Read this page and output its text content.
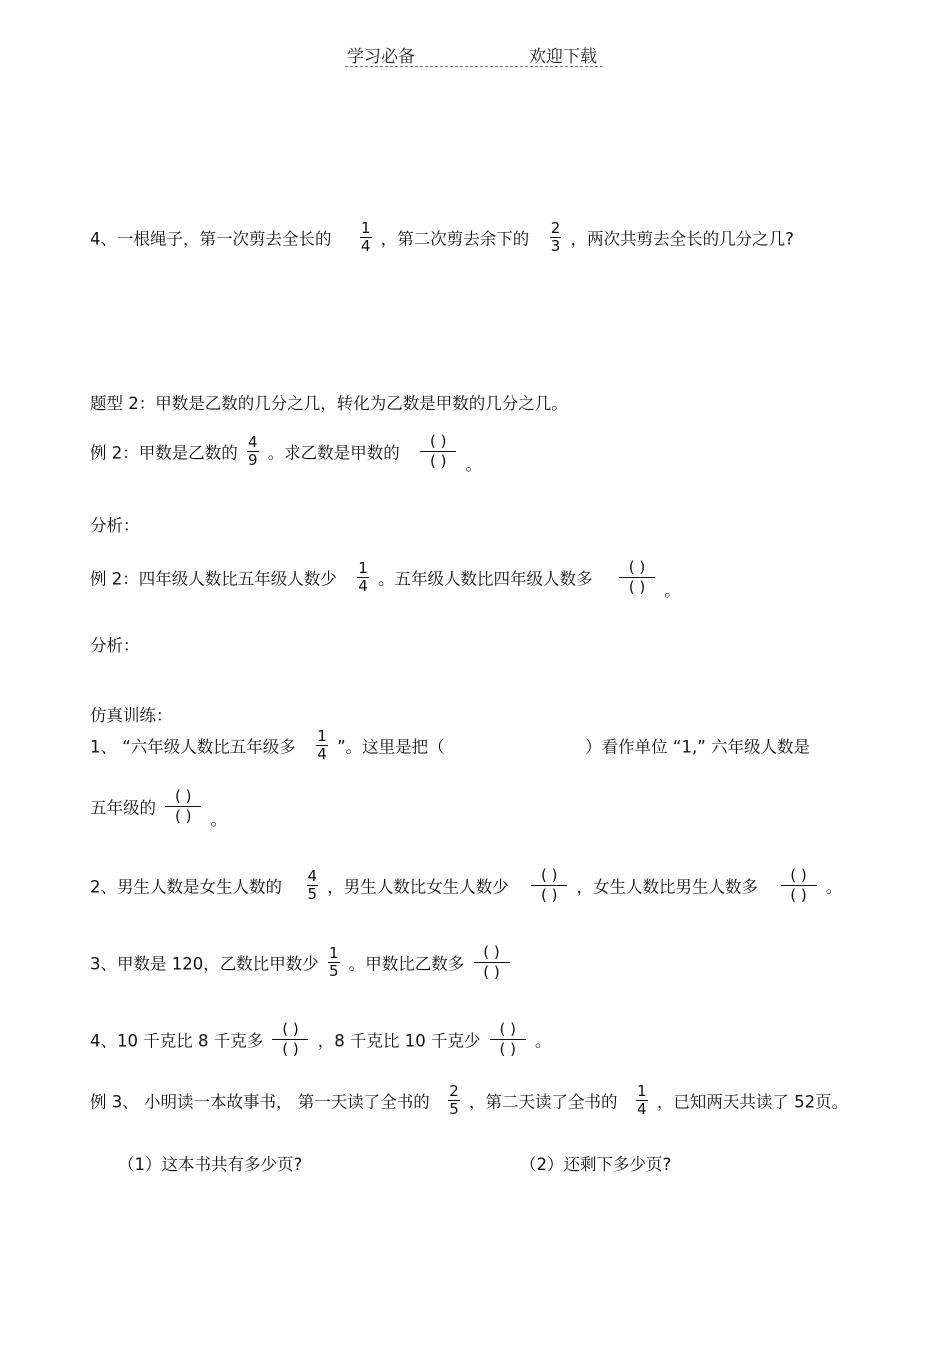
学习必备	欢迎下载
4、一根绳子，第一次剪去全长的 $\frac{1}{4}$ ，第二次剪去余下的 $\frac{2}{3}$ ，两次共剪去全长的几分之几?
题型 2：甲数是乙数的几分之几，转化为乙数是甲数的几分之几。
例 2：甲数是乙数的 $\frac{4}{9}$ 。求乙数是甲数的 $\frac{( )}{( )}$ 。
分析：
例 2：四年级人数比五年级人数少 $\frac{1}{4}$ 。五年级人数比四年级人数多 $\frac{( )}{( )}$ 。
分析：
仿真训练：
1、 “六年级人数比五年级多 $\frac{1}{4}$ ”。这里是把（	）看作单位 “1,” 六年级人数是
五年级的 $\frac{( )}{( )}$ 。
2、男生人数是女生人数的 $\frac{4}{5}$ ，男生人数比女生人数少 $\frac{( )}{( )}$ ，女生人数比男生人数多 $\frac{( )}{( )}$ 。
3、甲数是 120，乙数比甲数少 $\frac{1}{5}$ 。甲数比乙数多 $\frac{( )}{( )}$
4、10 千克比 8 千克多 $\frac{( )}{( )}$ ，8 千克比 10 千克少 $\frac{( )}{( )}$ 。
例 3、 小明读一本故事书， 第一天读了全书的 $\frac{2}{5}$ ，第二天读了全书的 $\frac{1}{4}$ ，已知两天共读了 52页。
（1）这本书共有多少页?	（2）还剩下多少页?
